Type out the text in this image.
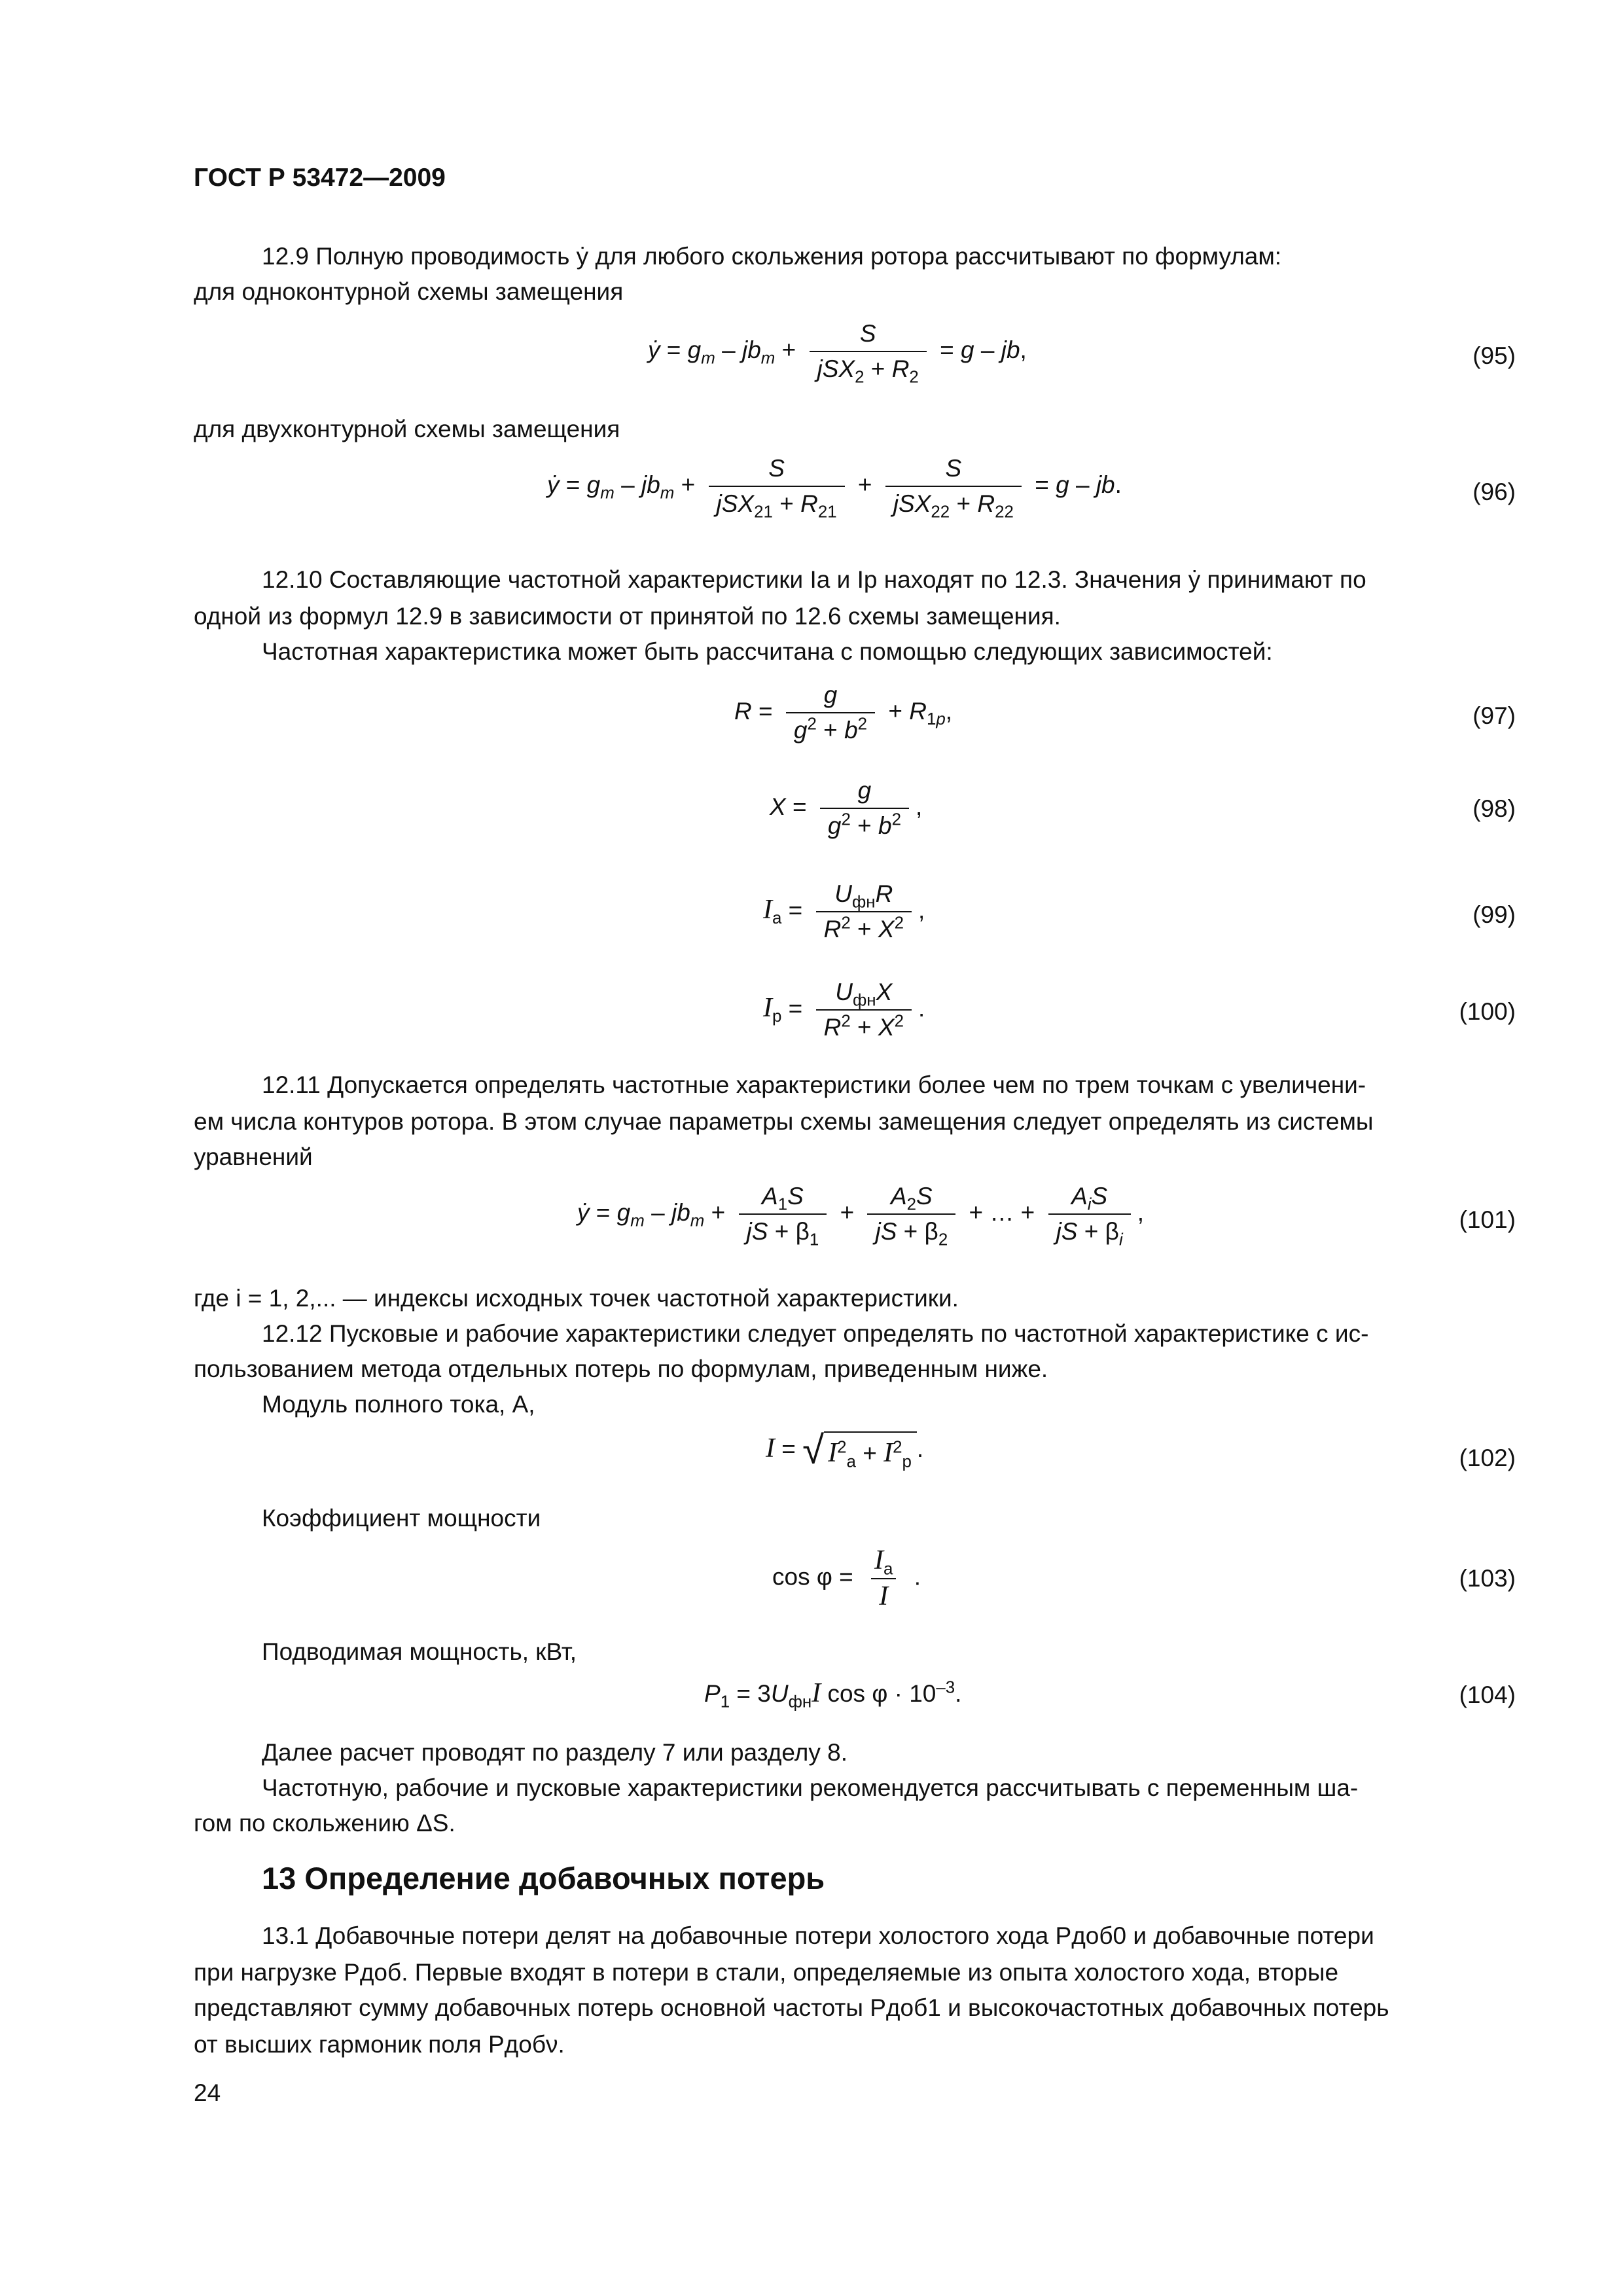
ГОСТ Р 53472—2009
12.9 Полную проводимость ẏ для любого скольжения ротора рассчитывают по формулам:
для одноконтурной схемы замещения
ẏ = $g_m - jb_m + \frac{S}{jSX_2 + R_2} = g$ – jb,	(95)
для двухконтурной схемы замещения
ẏ = $g_m - jb_m + \frac{S}{jSX_{21} + R_{21}} + \frac{S}{jSX_{22} + R_{22}} = g$ – jb.	(96)
12.10 Составляющие частотной характеристики Iа и Iр находят по 12.3. Значения ẏ принимают по
одной из формул 12.9 в зависимости от принятой по 12.6 схемы замещения.
Частотная характеристика может быть рассчитана с помощью следующих зависимостей:
$R = \frac{g}{g^2 + b^2} + R_{1p}$,	(97)
$X = \frac{g}{g^2 + b^2}$ ,	(98)
$I_а = \frac{U_{фн}R}{R^2 + X^2}$ ,	(99)
$I_р = \frac{U_{фн}X}{R^2 + X^2}$ .	(100)
12.11 Допускается определять частотные характеристики более чем по трем точкам с увеличени-
ем числа контуров ротора. В этом случае параметры схемы замещения следует определять из системы
уравнений
ẏ = $g_m - jb_m + \frac{A_1S}{jS + \beta_1} + \frac{A_2S}{jS + \beta_2}$ + … + $\frac{A_iS}{jS + \beta_i}$ ,	(101)
где i = 1, 2,... — индексы исходных точек частотной характеристики.
12.12 Пусковые и рабочие характеристики следует определять по частотной характеристике с ис-
пользованием метода отдельных потерь по формулам, приведенным ниже.
Модуль полного тока, А,
I = √ $I^2_а + I^2_р$ .	(102)
Коэффициент мощности
$\cos \varphi = \frac{I_а}{I}$ .	(103)
Подводимая мощность, кВт,
$P_1 = 3U_{фн}I$ $\cos \varphi \cdot 10^{-3}$.	(104)
Далее расчет проводят по разделу 7 или разделу 8.
Частотную, рабочие и пусковые характеристики рекомендуется рассчитывать с переменным ша-
гом по скольжению ΔS.
13 Определение добавочных потерь
13.1 Добавочные потери делят на добавочные потери холостого хода Pдоб0 и добавочные потери
при нагрузке Pдоб. Первые входят в потери в стали, определяемые из опыта холостого хода, вторые
представляют сумму добавочных потерь основной частоты Pдоб1 и высокочастотных добавочных потерь
от высших гармоник поля Pдобν.
24
